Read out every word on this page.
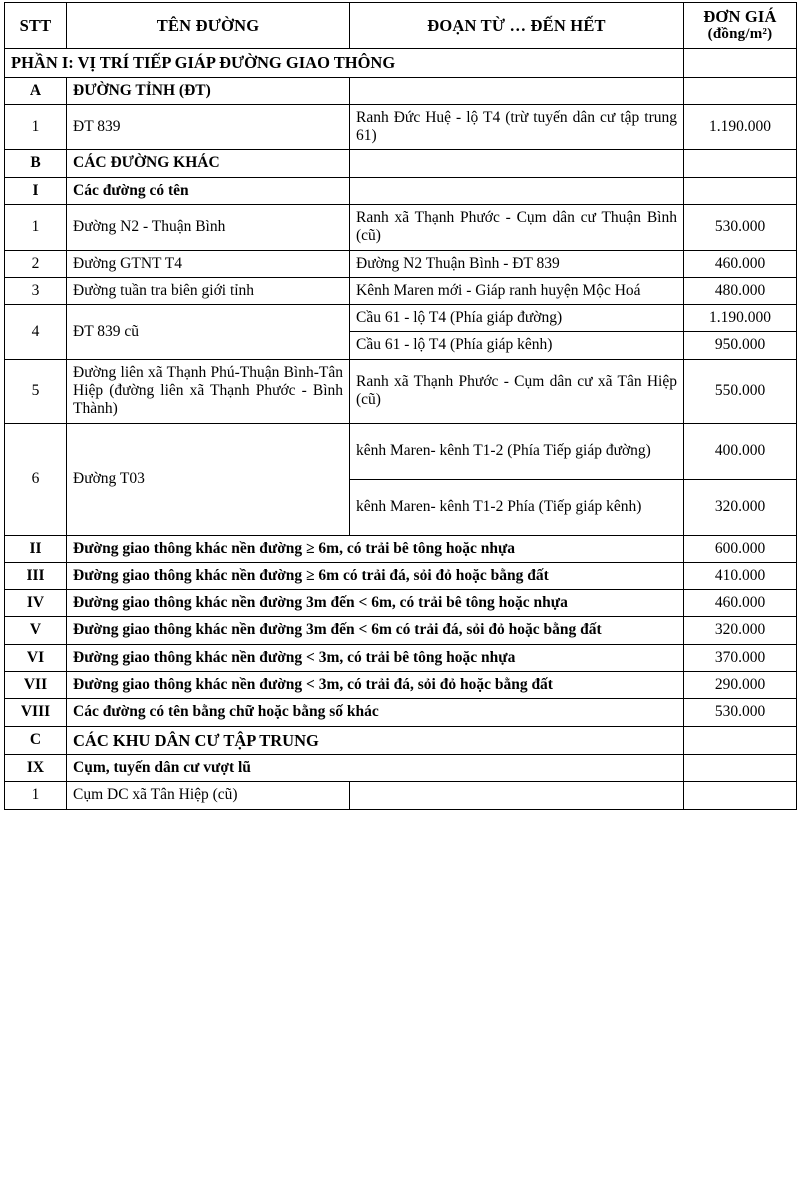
STT	TÊN ĐƯỜNG	ĐOẠN TỪ … ĐẾN HẾT	ĐƠN GIÁ
(đồng/m²)

PHẦN I: VỊ TRÍ TIẾP GIÁP ĐƯỜNG GIAO THÔNG			
A	ĐƯỜNG TỈNH (ĐT)		
1	ĐT 839	Ranh Đức Huệ - lộ T4 (trừ tuyến dân cư tập trung 61)	1.190.000
B	CÁC ĐƯỜNG KHÁC		
I	Các đường có tên		
1	Đường N2 - Thuận Bình	Ranh xã Thạnh Phước - Cụm dân cư Thuận Bình (cũ)	530.000
2	Đường GTNT T4	Đường N2 Thuận Bình - ĐT 839	460.000
3	Đường tuần tra biên giới tỉnh	Kênh Maren mới - Giáp ranh huyện Mộc Hoá	480.000
4	ĐT 839 cũ	Cầu 61 - lộ T4 (Phía giáp đường)	1.190.000
		Cầu 61 - lộ T4 (Phía giáp kênh)	950.000
5	Đường liên xã Thạnh Phú-Thuận Bình-Tân Hiệp (đường liên xã Thạnh Phước - Bình Thành)	Ranh xã Thạnh Phước - Cụm dân cư xã Tân Hiệp (cũ)	550.000
6	Đường T03	kênh Maren- kênh T1-2 (Phía Tiếp giáp đường)	400.000
		kênh Maren- kênh T1-2 Phía (Tiếp giáp kênh)	320.000
II	Đường giao thông khác nền đường ≥ 6m, có trải bê tông hoặc nhựa		600.000
III	Đường giao thông khác nền đường ≥ 6m có trải đá, sỏi đỏ hoặc bằng đất		410.000
IV	Đường giao thông khác nền đường 3m đến < 6m, có trải bê tông hoặc nhựa		460.000
V	Đường giao thông khác nền đường 3m đến < 6m có trải đá, sỏi đỏ hoặc bằng đất		320.000
VI	Đường giao thông khác nền đường < 3m, có trải bê tông hoặc nhựa		370.000
VII	Đường giao thông khác nền đường < 3m, có trải đá, sỏi đỏ hoặc bằng đất		290.000
VIII	Các đường có tên bằng chữ hoặc bằng số khác		530.000
C	CÁC KHU DÂN CƯ TẬP TRUNG		
IX	Cụm, tuyến dân cư vượt lũ		
1	Cụm DC xã Tân Hiệp (cũ)		
